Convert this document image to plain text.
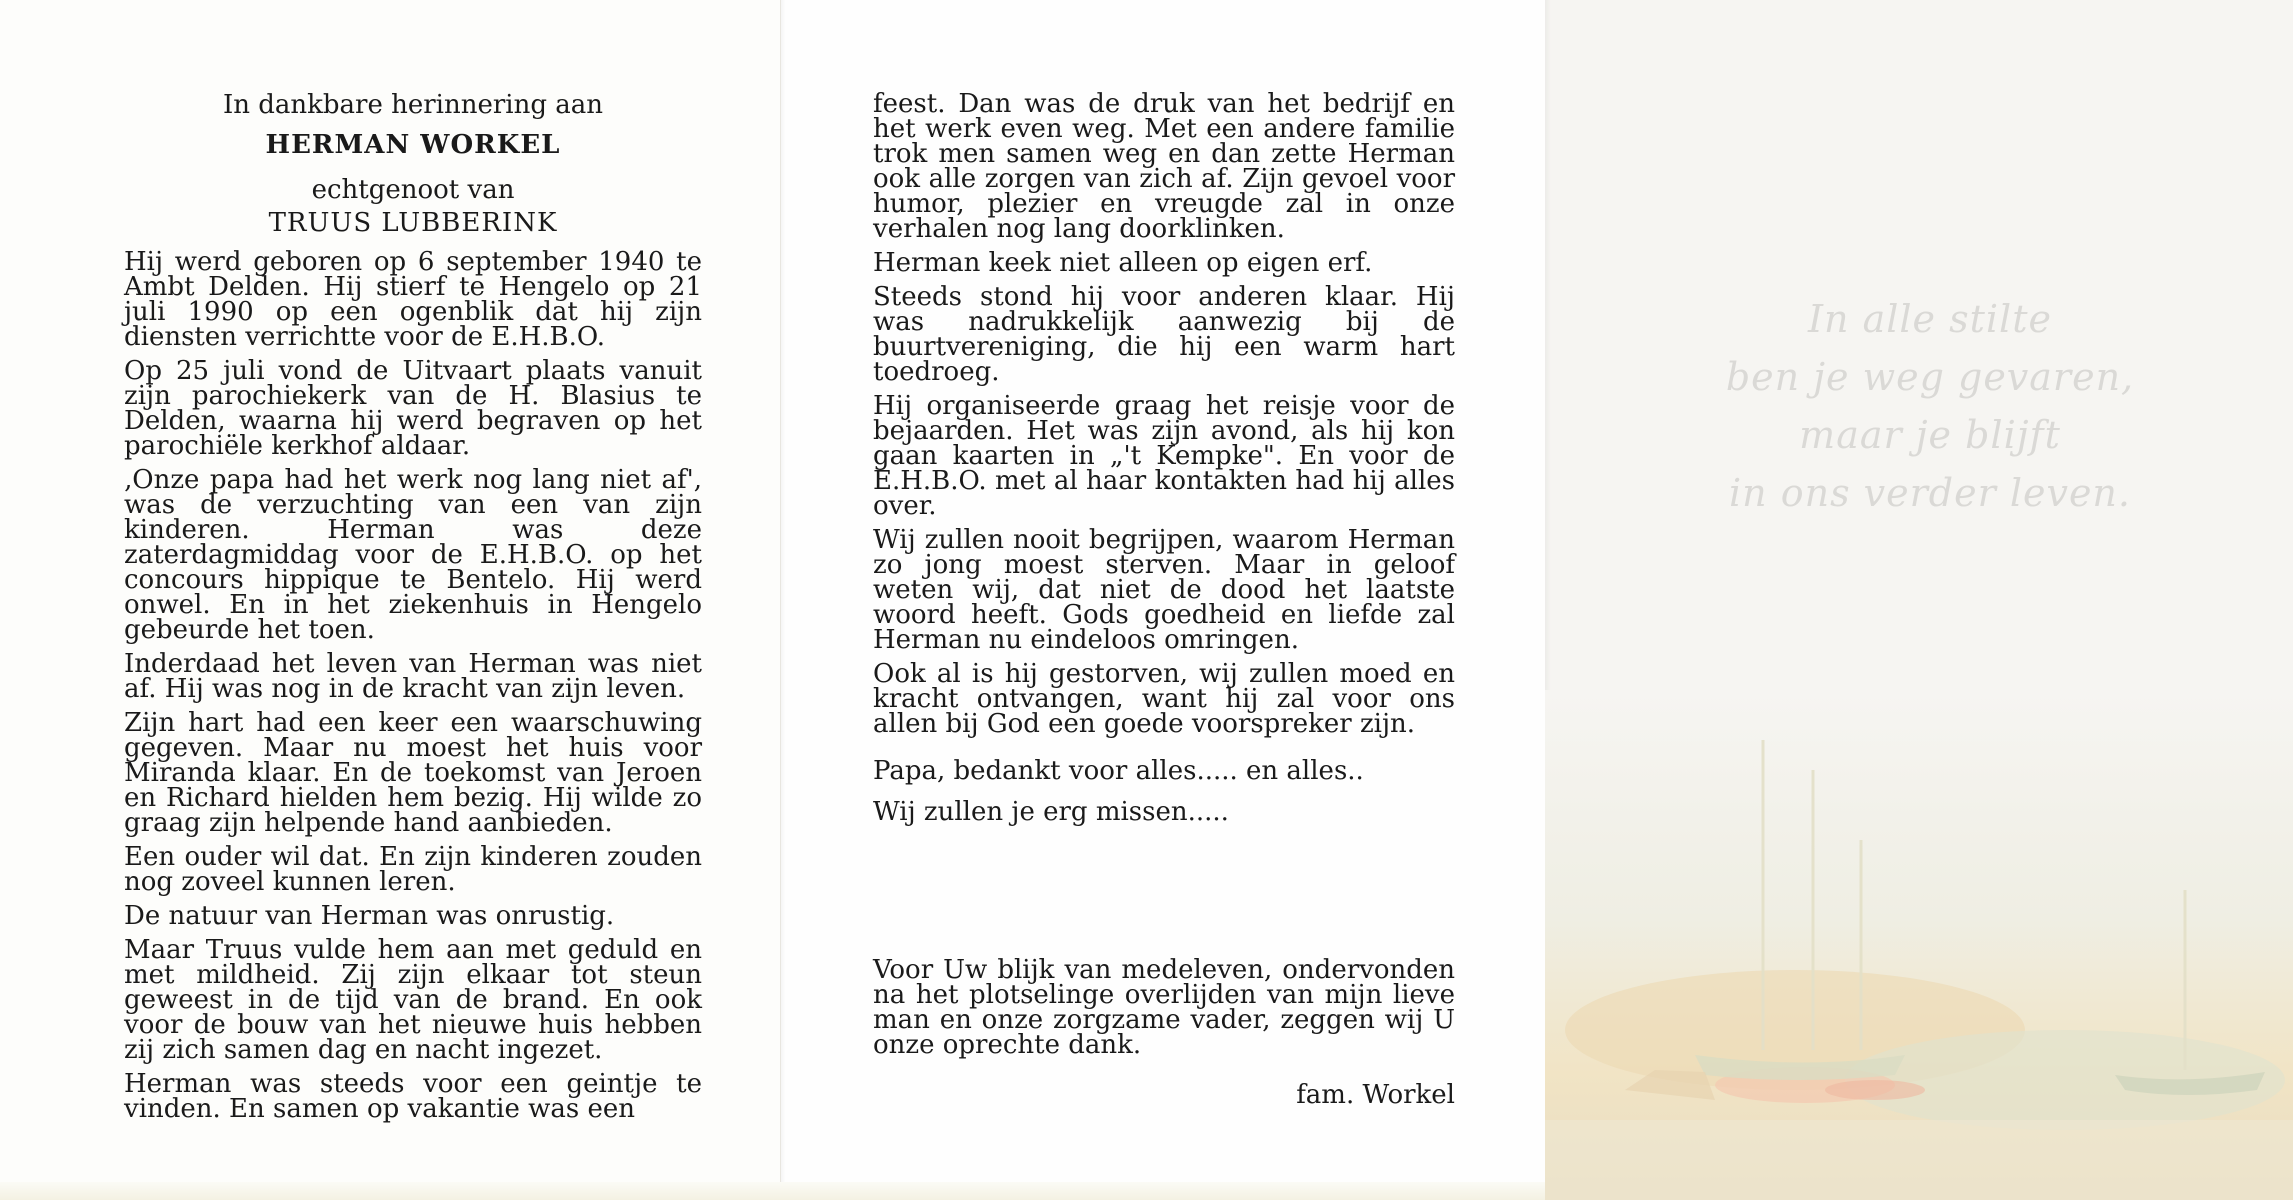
In dankbare herinnering aan
HERMAN WORKEL
echtgenoot van
TRUUS LUBBERINK

Hij werd geboren op 6 september 1940 te Ambt Delden. Hij stierf te Hengelo op 21 juli 1990 op een ogenblik dat hij zijn diensten verrichtte voor de E.H.B.O.

Op 25 juli vond de Uitvaart plaats vanuit zijn parochiekerk van de H. Blasius te Delden, waarna hij werd begraven op het parochiële kerkhof aldaar.

‚Onze papa had het werk nog lang niet af', was de verzuchting van een van zijn kinderen. Herman was deze zaterdagmiddag voor de E.H.B.O. op het concours hippique te Bentelo. Hij werd onwel. En in het ziekenhuis in Hengelo gebeurde het toen.

Inderdaad het leven van Herman was niet af. Hij was nog in de kracht van zijn leven.

Zijn hart had een keer een waarschuwing gegeven. Maar nu moest het huis voor Miranda klaar. En de toekomst van Jeroen en Richard hielden hem bezig. Hij wilde zo graag zijn helpende hand aanbieden.

Een ouder wil dat. En zijn kinderen zouden nog zoveel kunnen leren.

De natuur van Herman was onrustig.

Maar Truus vulde hem aan met geduld en met mildheid. Zij zijn elkaar tot steun geweest in de tijd van de brand. En ook voor de bouw van het nieuwe huis hebben zij zich samen dag en nacht ingezet.

Herman was steeds voor een geintje te vinden. En samen op vakantie was een

feest. Dan was de druk van het bedrijf en het werk even weg. Met een andere familie trok men samen weg en dan zette Herman ook alle zorgen van zich af. Zijn gevoel voor humor, plezier en vreugde zal in onze verhalen nog lang doorklinken.

Herman keek niet alleen op eigen erf.

Steeds stond hij voor anderen klaar. Hij was nadrukkelijk aanwezig bij de buurtvereniging, die hij een warm hart toedroeg.

Hij organiseerde graag het reisje voor de bejaarden. Het was zijn avond, als hij kon gaan kaarten in „'t Kempke". En voor de E.H.B.O. met al haar kontakten had hij alles over.

Wij zullen nooit begrijpen, waarom Herman zo jong moest sterven. Maar in geloof weten wij, dat niet de dood het laatste woord heeft. Gods goedheid en liefde zal Herman nu eindeloos omringen.

Ook al is hij gestorven, wij zullen moed en kracht ontvangen, want hij zal voor ons allen bij God een goede voorspreker zijn.

Papa, bedankt voor alles..... en alles..

Wij zullen je erg missen.....

Voor Uw blijk van medeleven, ondervonden na het plotselinge overlijden van mijn lieve man en onze zorgzame vader, zeggen wij U onze oprechte dank.
fam. Workel
In alle stilte
ben je weg gevaren,
maar je blijft
in ons verder leven.
